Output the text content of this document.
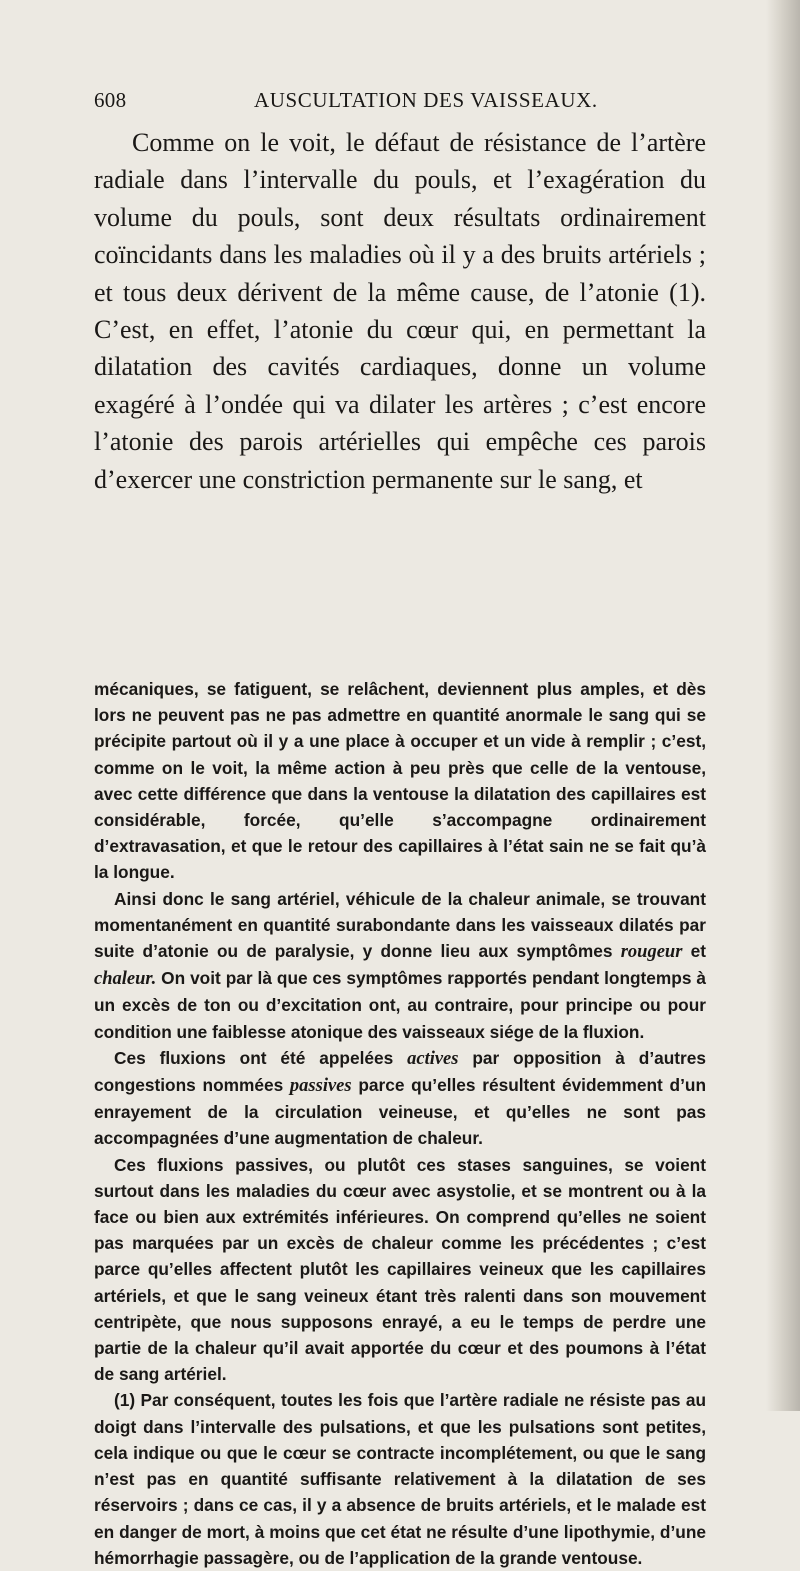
608	AUSCULTATION DES VAISSEAUX.

Comme on le voit, le défaut de résistance de l’artère radiale dans l’intervalle du pouls, et l’exagération du volume du pouls, sont deux résultats ordinairement coïncidants dans les maladies où il y a des bruits artériels ; et tous deux dérivent de la même cause, de l’atonie (1). C’est, en effet, l’atonie du cœur qui, en permettant la dilatation des cavités cardiaques, donne un volume exagéré à l’ondée qui va dilater les artères ; c’est encore l’atonie des parois artérielles qui empêche ces parois d’exercer une constriction permanente sur le sang, et

mécaniques, se fatiguent, se relâchent, deviennent plus amples, et dès lors ne peuvent pas ne pas admettre en quantité anormale le sang qui se précipite partout où il y a une place à occuper et un vide à remplir ; c’est, comme on le voit, la même action à peu près que celle de la ventouse, avec cette différence que dans la ventouse la dilatation des capillaires est considérable, forcée, qu’elle s’accompagne ordinairement d’extravasation, et que le retour des capillaires à l’état sain ne se fait qu’à la longue.

Ainsi donc le sang artériel, véhicule de la chaleur animale, se trouvant momentanément en quantité surabondante dans les vaisseaux dilatés par suite d’atonie ou de paralysie, y donne lieu aux symptômes rougeur et chaleur. On voit par là que ces symptômes rapportés pendant longtemps à un excès de ton ou d’excitation ont, au contraire, pour principe ou pour condition une faiblesse atonique des vaisseaux siége de la fluxion.

Ces fluxions ont été appelées actives par opposition à d’autres congestions nommées passives parce qu’elles résultent évidemment d’un enrayement de la circulation veineuse, et qu’elles ne sont pas accompagnées d’une augmentation de chaleur.

Ces fluxions passives, ou plutôt ces stases sanguines, se voient surtout dans les maladies du cœur avec asystolie, et se montrent ou à la face ou bien aux extrémités inférieures. On comprend qu’elles ne soient pas marquées par un excès de chaleur comme les précédentes ; c’est parce qu’elles affectent plutôt les capillaires veineux que les capillaires artériels, et que le sang veineux étant très ralenti dans son mouvement centripète, que nous supposons enrayé, a eu le temps de perdre une partie de la chaleur qu’il avait apportée du cœur et des poumons à l’état de sang artériel.

(1) Par conséquent, toutes les fois que l’artère radiale ne résiste pas au doigt dans l’intervalle des pulsations, et que les pulsations sont petites, cela indique ou que le cœur se contracte incomplétement, ou que le sang n’est pas en quantité suffisante relativement à la dilatation de ses réservoirs ; dans ce cas, il y a absence de bruits artériels, et le malade est en danger de mort, à moins que cet état ne résulte d’une lipothymie, d’une hémorrhagie passagère, ou de l’application de la grande ventouse.
